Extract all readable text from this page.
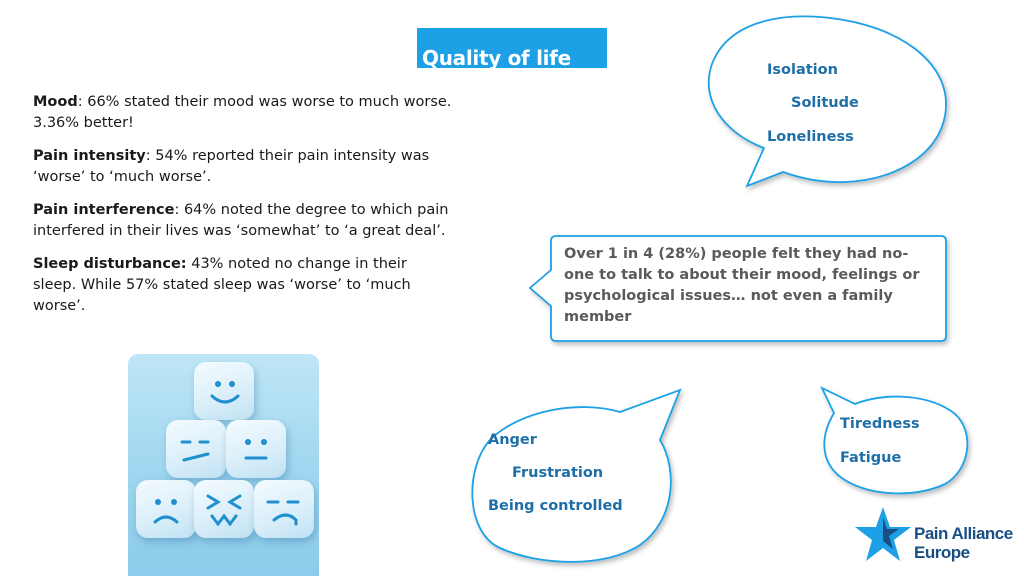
Quality of life

Mood: 66% stated their mood was worse to much worse. 3.36% better!

Pain intensity: 54% reported their pain intensity was ‘worse’ to ‘much worse’.

Pain interference: 64% noted the degree to which pain interfered in their lives was ‘somewhat’ to ‘a great deal’.

Sleep disturbance: 43% noted no change in their sleep. While 57% stated sleep was ‘worse’ to ‘much worse’.

Isolation
Solitude
Loneliness
Over 1 in 4 (28%) people felt they had no-one to talk to about their mood, feelings or psychological issues… not even a family member
Tiredness
Fatigue
Anger
Frustration
Being controlled
Pain Alliance
Europe
